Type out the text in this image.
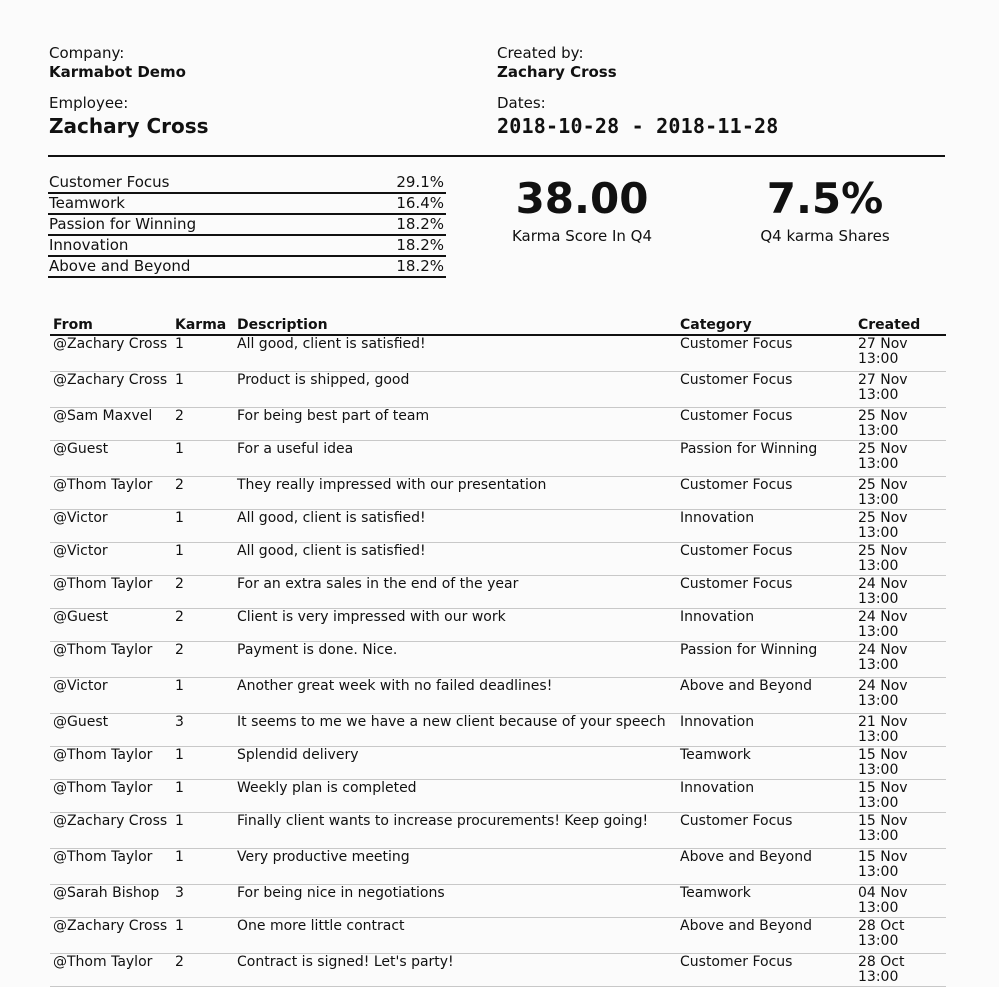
Company:
Karmabot Demo
Created by:
Zachary Cross
Employee:
Zachary Cross
Dates:
2018-10-28 - 2018-11-28
Customer Focus	29.1%
Teamwork	16.4%
Passion for Winning	18.2%
Innovation	18.2%
Above and Beyond	18.2%
38.00
Karma Score In Q4
7.5%
Q4 karma Shares
From	Karma	Description	Category	Created
@Zachary Cross	1	All good, client is satisfied!	Customer Focus	27 Nov 13:00
@Zachary Cross	1	Product is shipped, good	Customer Focus	27 Nov 13:00
@Sam Maxvel	2	For being best part of team	Customer Focus	25 Nov 13:00
@Guest	1	For a useful idea	Passion for Winning	25 Nov 13:00
@Thom Taylor	2	They really impressed with our presentation	Customer Focus	25 Nov 13:00
@Victor	1	All good, client is satisfied!	Innovation	25 Nov 13:00
@Victor	1	All good, client is satisfied!	Customer Focus	25 Nov 13:00
@Thom Taylor	2	For an extra sales in the end of the year	Customer Focus	24 Nov 13:00
@Guest	2	Client is very impressed with our work	Innovation	24 Nov 13:00
@Thom Taylor	2	Payment is done. Nice.	Passion for Winning	24 Nov 13:00
@Victor	1	Another great week with no failed deadlines!	Above and Beyond	24 Nov 13:00
@Guest	3	It seems to me we have a new client because of your speech	Innovation	21 Nov 13:00
@Thom Taylor	1	Splendid delivery	Teamwork	15 Nov 13:00
@Thom Taylor	1	Weekly plan is completed	Innovation	15 Nov 13:00
@Zachary Cross	1	Finally client wants to increase procurements! Keep going!	Customer Focus	15 Nov 13:00
@Thom Taylor	1	Very productive meeting	Above and Beyond	15 Nov 13:00
@Sarah Bishop	3	For being nice in negotiations	Teamwork	04 Nov 13:00
@Zachary Cross	1	One more little contract	Above and Beyond	28 Oct 13:00
@Thom Taylor	2	Contract is signed! Let's party!	Customer Focus	28 Oct 13:00
